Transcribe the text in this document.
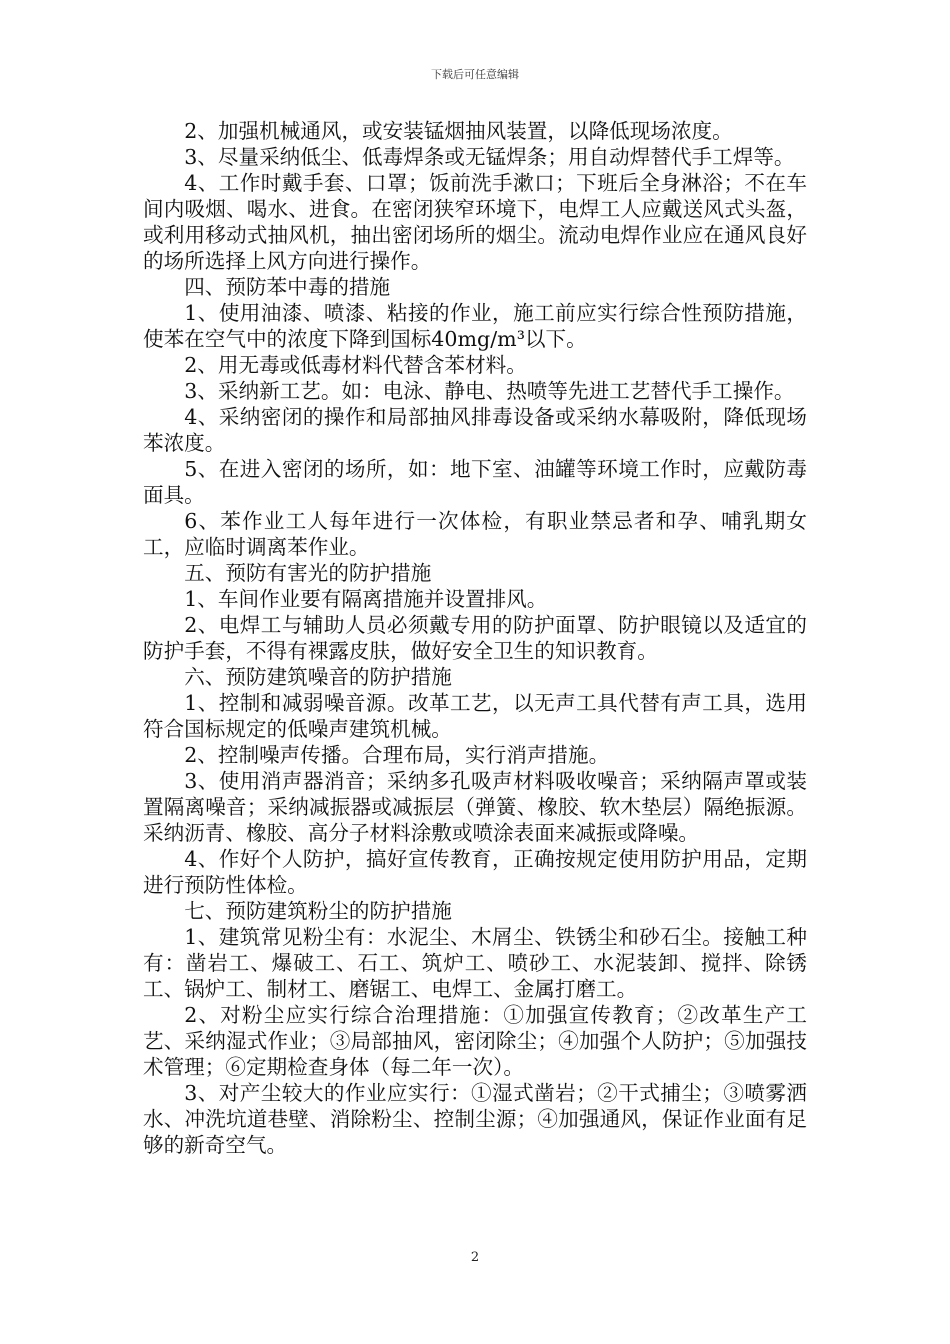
下载后可任意编辑

2、加强机械通风，或安装锰烟抽风装置，以降低现场浓度。

3、尽量采纳低尘、低毒焊条或无锰焊条；用自动焊替代手工焊等。

4、工作时戴手套、口罩；饭前洗手漱口；下班后全身淋浴；不在车间内吸烟、喝水、进食。在密闭狭窄环境下，电焊工人应戴送风式头盔，或利用移动式抽风机，抽出密闭场所的烟尘。流动电焊作业应在通风良好的场所选择上风方向进行操作。

四、预防苯中毒的措施

1、使用油漆、喷漆、粘接的作业，施工前应实行综合性预防措施，使苯在空气中的浓度下降到国标40mg/m³以下。

2、用无毒或低毒材料代替含苯材料。

3、采纳新工艺。如：电泳、静电、热喷等先进工艺替代手工操作。

4、采纳密闭的操作和局部抽风排毒设备或采纳水幕吸附，降低现场苯浓度。

5、在进入密闭的场所，如：地下室、油罐等环境工作时，应戴防毒面具。

6、苯作业工人每年进行一次体检，有职业禁忌者和孕、哺乳期女工，应临时调离苯作业。

五、预防有害光的防护措施

1、车间作业要有隔离措施并设置排风。

2、电焊工与辅助人员必须戴专用的防护面罩、防护眼镜以及适宜的防护手套，不得有裸露皮肤，做好安全卫生的知识教育。

六、预防建筑噪音的防护措施

1、控制和减弱噪音源。改革工艺，以无声工具代替有声工具，选用符合国标规定的低噪声建筑机械。

2、控制噪声传播。合理布局，实行消声措施。

3、使用消声器消音；采纳多孔吸声材料吸收噪音；采纳隔声罩或装置隔离噪音；采纳减振器或减振层（弹簧、橡胶、软木垫层）隔绝振源。采纳沥青、橡胶、高分子材料涂敷或喷涂表面来减振或降噪。

4、作好个人防护，搞好宣传教育，正确按规定使用防护用品，定期进行预防性体检。

七、预防建筑粉尘的防护措施

1、建筑常见粉尘有：水泥尘、木屑尘、铁锈尘和砂石尘。接触工种有：凿岩工、爆破工、石工、筑炉工、喷砂工、水泥装卸、搅拌、除锈工、锅炉工、制材工、磨锯工、电焊工、金属打磨工。

2、对粉尘应实行综合治理措施：①加强宣传教育；②改革生产工艺、采纳湿式作业；③局部抽风，密闭除尘；④加强个人防护；⑤加强技术管理；⑥定期检查身体（每二年一次）。

3、对产尘较大的作业应实行：①湿式凿岩；②干式捕尘；③喷雾洒水、冲洗坑道巷壁、消除粉尘、控制尘源；④加强通风，保证作业面有足够的新奇空气。

2
